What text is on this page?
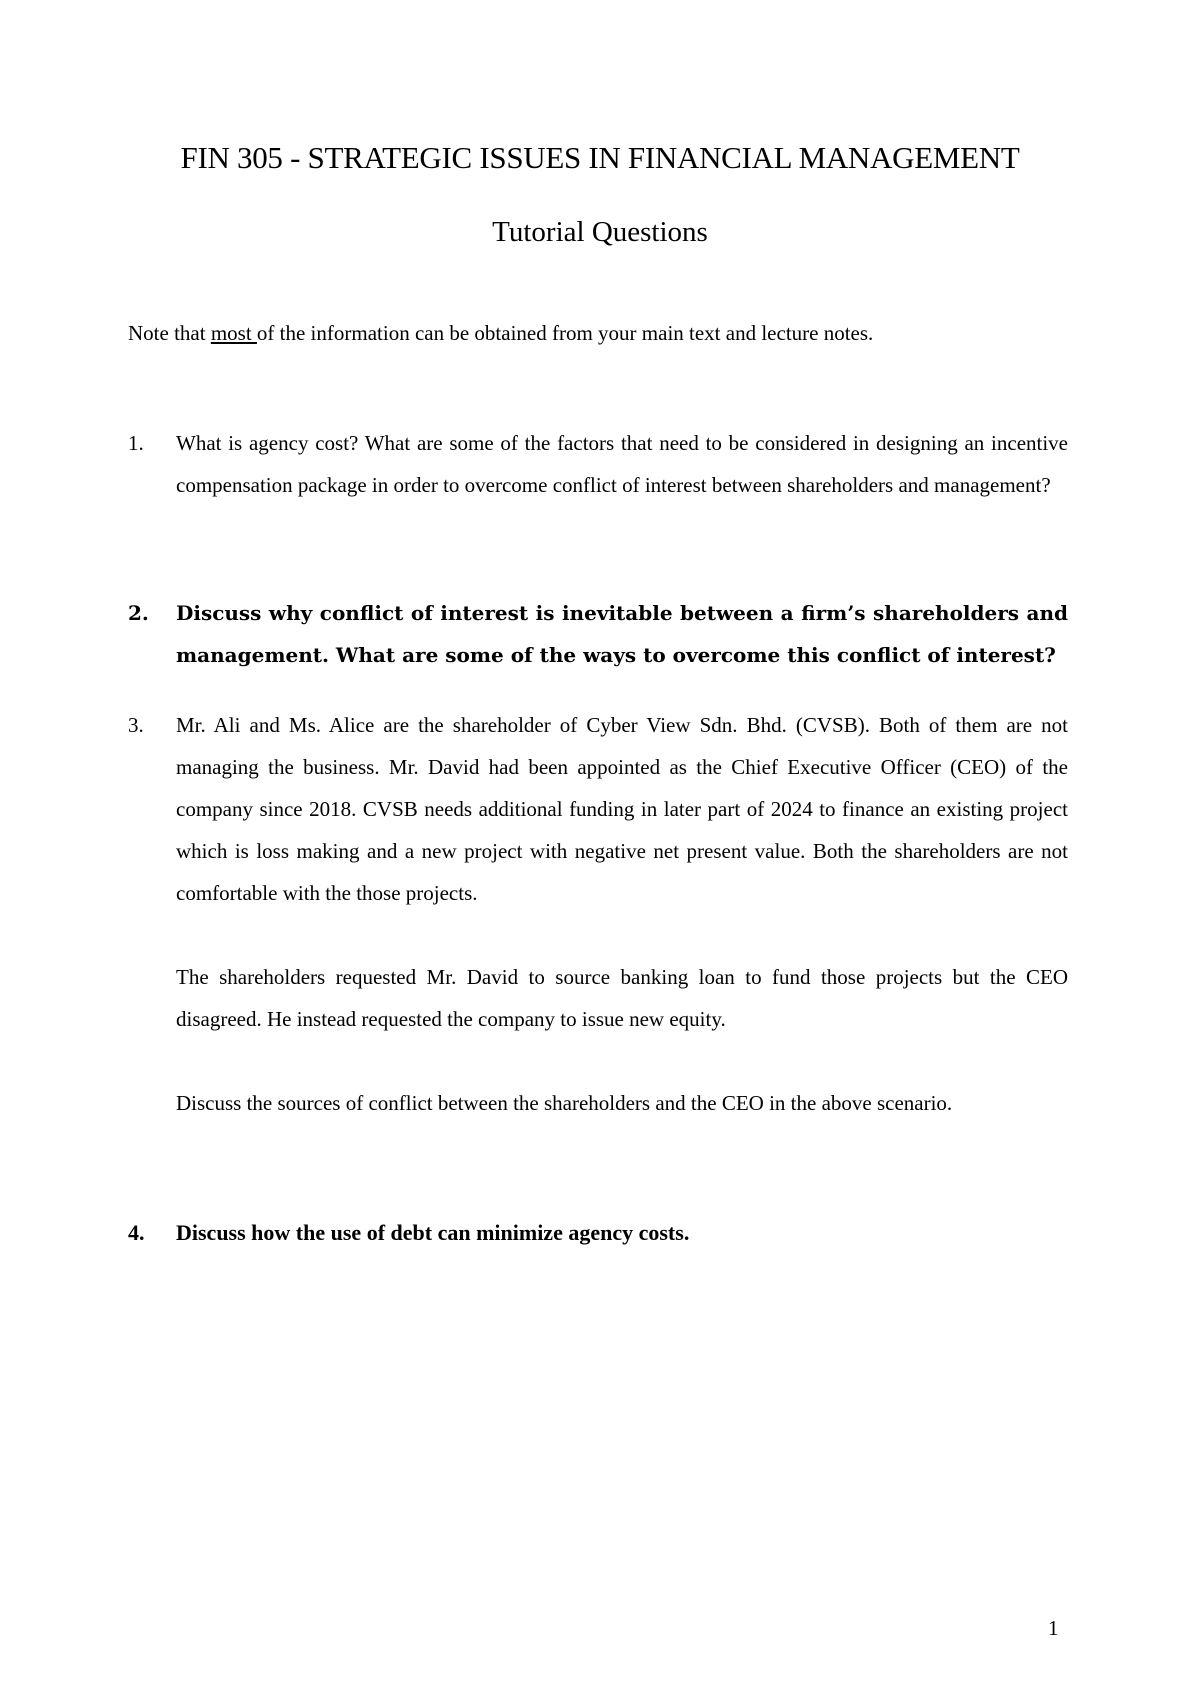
FIN 305 - STRATEGIC ISSUES IN FINANCIAL MANAGEMENT
Tutorial Questions

Note that most of the information can be obtained from your main text and lecture notes.

1.	What is agency cost? What are some of the factors that need to be considered in designing an incentive compensation package in order to overcome conflict of interest between shareholders and management?

2.	Discuss why conflict of interest is inevitable between a firm’s shareholders and management. What are some of the ways to overcome this conflict of interest?

3.	Mr. Ali and Ms. Alice are the shareholder of Cyber View Sdn. Bhd. (CVSB). Both of them are not managing the business. Mr. David had been appointed as the Chief Executive Officer (CEO) of the company since 2018. CVSB needs additional funding in later part of 2024 to finance an existing project which is loss making and a new project with negative net present value. Both the shareholders are not comfortable with the those projects.

The shareholders requested Mr. David to source banking loan to fund those projects but the CEO disagreed. He instead requested the company to issue new equity.

Discuss the sources of conflict between the shareholders and the CEO in the above scenario.

4.	Discuss how the use of debt can minimize agency costs.

1
